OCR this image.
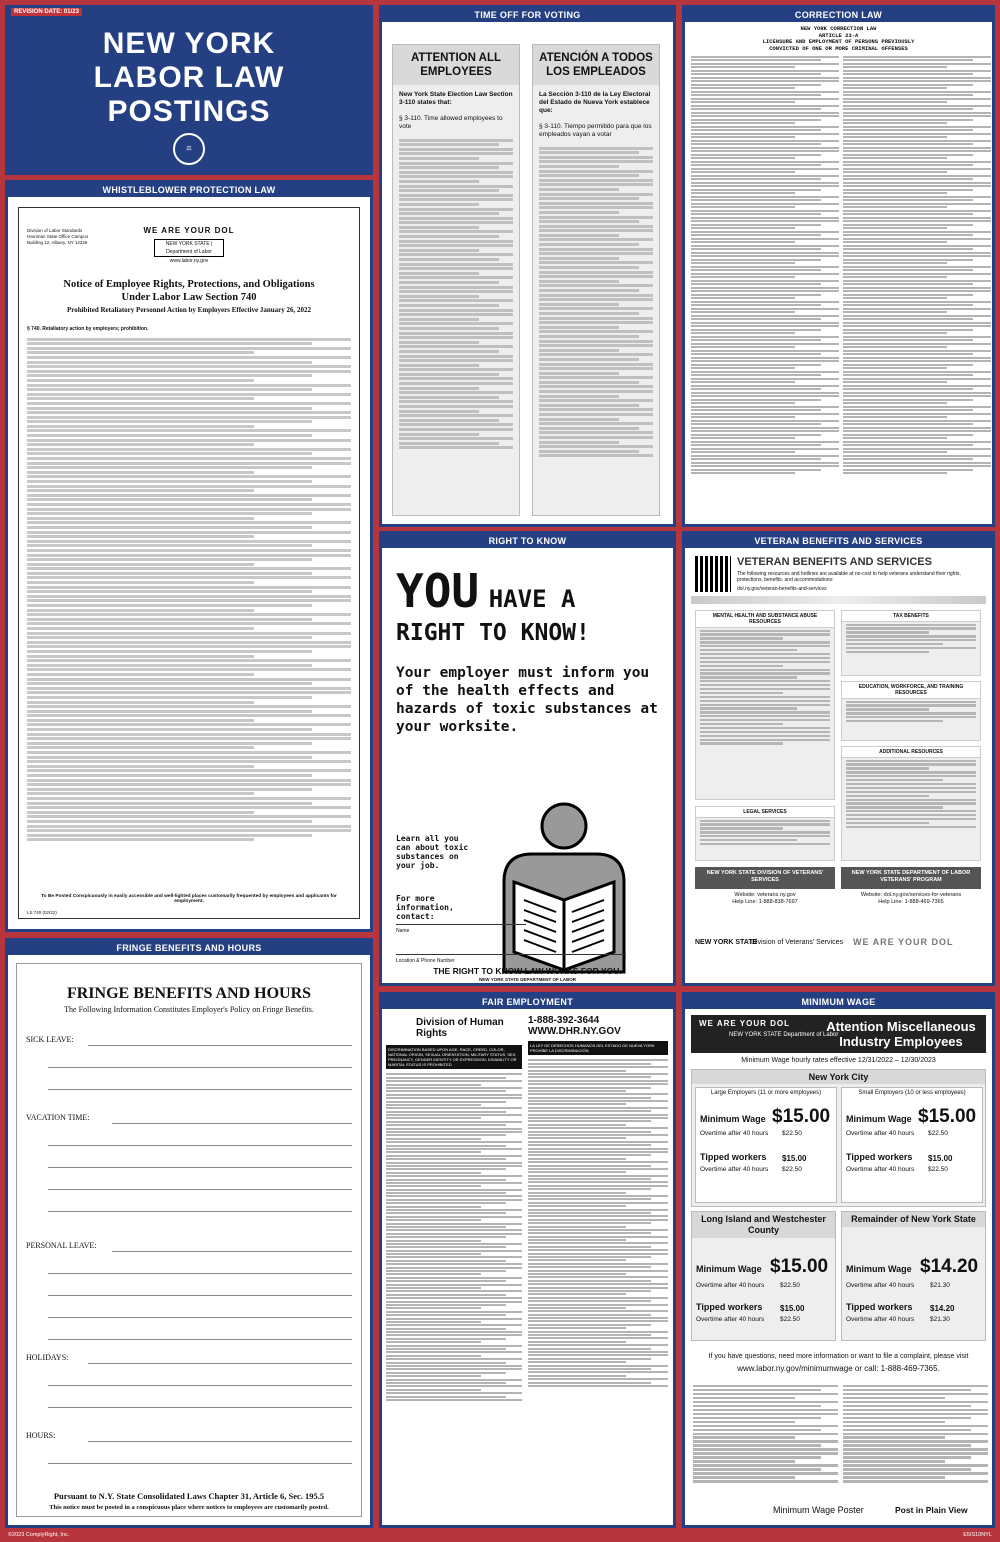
REVISION DATE: 01/23
NEW YORK
LABOR LAW
POSTINGS
⚖
WHISTLEBLOWER PROTECTION LAW
Division of Labor Standards
Harriman State Office Campus
Building 12, Albany, NY 12226
WE ARE YOUR DOL
NEW YORK STATE | Department of Labor
www.labor.ny.gov
Notice of Employee Rights, Protections, and Obligations
Under Labor Law Section 740
Prohibited Retaliatory Personnel Action by Employers Effective January 26, 2022
§ 740. Retaliatory action by employers; prohibition.
To Be Posted Conspicuously in easily accessible and well-lighted places customarily frequented by employees and applicants for employment.
LS 740 (02/22)
TIME OFF FOR VOTING
ATTENTION ALL EMPLOYEES
New York State Election Law Section 3-110 states that:
§ 3-110. Time allowed employees to vote
ATENCIÓN A TODOS LOS EMPLEADOS
La Sección 3-110 de la Ley Electoral del Estado de Nueva York establece que:
§ 3-110. Tiempo permitido para que los empleados vayan a votar
CORRECTION LAW
NEW YORK CORRECTION LAW
ARTICLE 23-A
LICENSURE AND EMPLOYMENT OF PERSONS PREVIOUSLY
CONVICTED OF ONE OR MORE CRIMINAL OFFENSES
RIGHT TO KNOW
YOU HAVE A
RIGHT TO KNOW!
Your employer must inform you of the health effects and hazards of toxic substances at your worksite.
Learn all you can about toxic substances on your job.
For more information, contact:
Name
Location & Phone Number
THE RIGHT TO KNOW LAW WORKS FOR YOU.
NEW YORK STATE DEPARTMENT OF LABOR
VETERAN BENEFITS AND SERVICES
VETERAN BENEFITS AND SERVICES
The following resources and hotlines are available at no-cost to help veterans understand their rights, protections, benefits, and accommodations:
dol.ny.gov/veteran-benefits-and-services
MENTAL HEALTH AND SUBSTANCE ABUSE RESOURCES
TAX BENEFITS
EDUCATION, WORKFORCE, AND TRAINING RESOURCES
ADDITIONAL RESOURCES
LEGAL SERVICES
NEW YORK STATE DIVISION OF VETERANS' SERVICES
NEW YORK STATE DEPARTMENT OF LABOR VETERANS' PROGRAM
Website: veterans.ny.gov
Help Line: 1-888-838-7697
Website: dol.ny.gov/services-for-veterans
Help Line: 1-888-469-7365
NEW YORK STATE
Division of Veterans' Services WE ARE YOUR DOL
FRINGE BENEFITS AND HOURS
FRINGE BENEFITS AND HOURS
The Following Information Constitutes Employer's Policy on Fringe Benefits.
SICK LEAVE:
VACATION TIME:
PERSONAL LEAVE:
HOLIDAYS:
HOURS:
Pursuant to N.Y. State Consolidated Laws Chapter 31, Article 6, Sec. 195.5
This notice must be posted in a conspicuous place where notices to employees are customarily posted.
FAIR EMPLOYMENT
Division of Human Rights
DISCRIMINATION BASED UPON AGE, RACE, CREED, COLOR, NATIONAL ORIGIN, SEXUAL ORIENTATION, MILITARY STATUS, SEX, PREGNANCY, GENDER IDENTITY OR EXPRESSION, DISABILITY OR MARITAL STATUS IS PROHIBITED
1-888-392-3644
WWW.DHR.NY.GOV
LA LEY DE DERECHOS HUMANOS DEL ESTADO DE NUEVA YORK PROHÍBE LA DISCRIMINACIÓN
MINIMUM WAGE
WE ARE YOUR DOL
NEW YORK STATE Department of Labor
Attention Miscellaneous Industry Employees
Minimum Wage hourly rates effective 12/31/2022 – 12/30/2023
New York City
Large Employers (11 or more employees)
Minimum Wage $15.00
Overtime after 40 hours $22.50
Tipped workers $15.00
Overtime after 40 hours $22.50
Small Employers (10 or less employees)
Minimum Wage $15.00
Overtime after 40 hours $22.50
Tipped workers $15.00
Overtime after 40 hours $22.50
Long Island and Westchester County
Minimum Wage $15.00
Overtime after 40 hours $22.50
Tipped workers $15.00
Overtime after 40 hours $22.50
Remainder of New York State
Minimum Wage $14.20
Overtime after 40 hours $21.30
Tipped workers $14.20
Overtime after 40 hours $21.30
If you have questions, need more information or want to file a complaint, please visit
www.labor.ny.gov/minimumwage or call: 1-888-469-7365.
Minimum Wage Poster	Post in Plain View
©2023 ComplyRight, Inc.	E5IS10NYL
